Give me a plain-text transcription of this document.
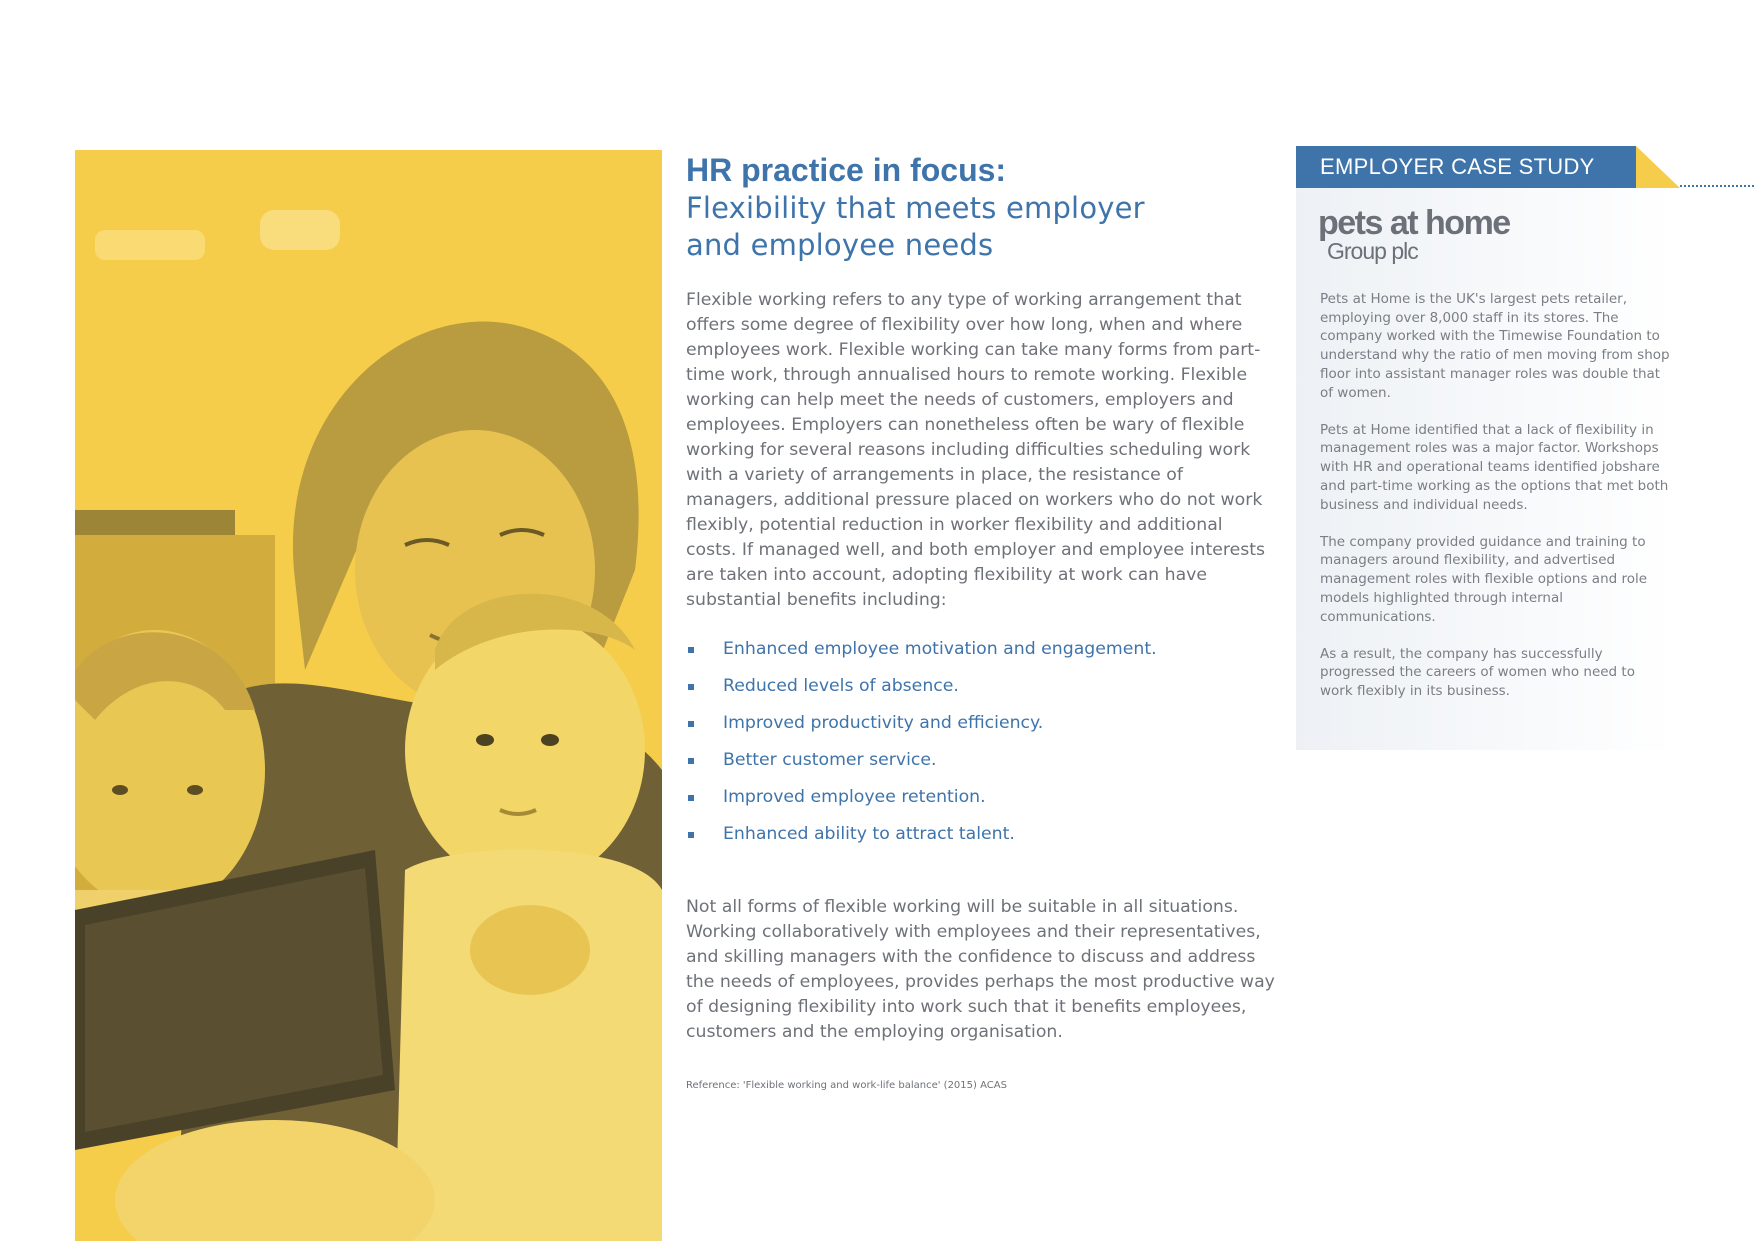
HR practice in focus:
Flexibility that meets employer
and employee needs

Flexible working refers to any type of working arrangement that offers some degree of flexibility over how long, when and where employees work. Flexible working can take many forms from part-time work, through annualised hours to remote working. Flexible working can help meet the needs of customers, employers and employees. Employers can nonetheless often be wary of flexible working for several reasons including difficulties scheduling work with a variety of arrangements in place, the resistance of managers, additional pressure placed on workers who do not work flexibly, potential reduction in worker flexibility and additional costs. If managed well, and both employer and employee interests are taken into account, adopting flexibility at work can have substantial benefits including:

Enhanced employee motivation and engagement.
Reduced levels of absence.
Improved productivity and efficiency.
Better customer service.
Improved employee retention.
Enhanced ability to attract talent.

Not all forms of flexible working will be suitable in all situations. Working collaboratively with employees and their representatives, and skilling managers with the confidence to discuss and address the needs of employees, provides perhaps the most productive way of designing flexibility into work such that it benefits employees, customers and the employing organisation.

Reference: 'Flexible working and work-life balance' (2015) ACAS

EMPLOYER CASE STUDY
pets at home
Group plc

Pets at Home is the UK's largest pets retailer, employing over 8,000 staff in its stores. The company worked with the Timewise Foundation to understand why the ratio of men moving from shop floor into assistant manager roles was double that of women.

Pets at Home identified that a lack of flexibility in management roles was a major factor. Workshops with HR and operational teams identified jobshare and part-time working as the options that met both business and individual needs.

The company provided guidance and training to managers around flexibility, and advertised management roles with flexible options and role models highlighted through internal communications.

As a result, the company has successfully progressed the careers of women who need to work flexibly in its business.
